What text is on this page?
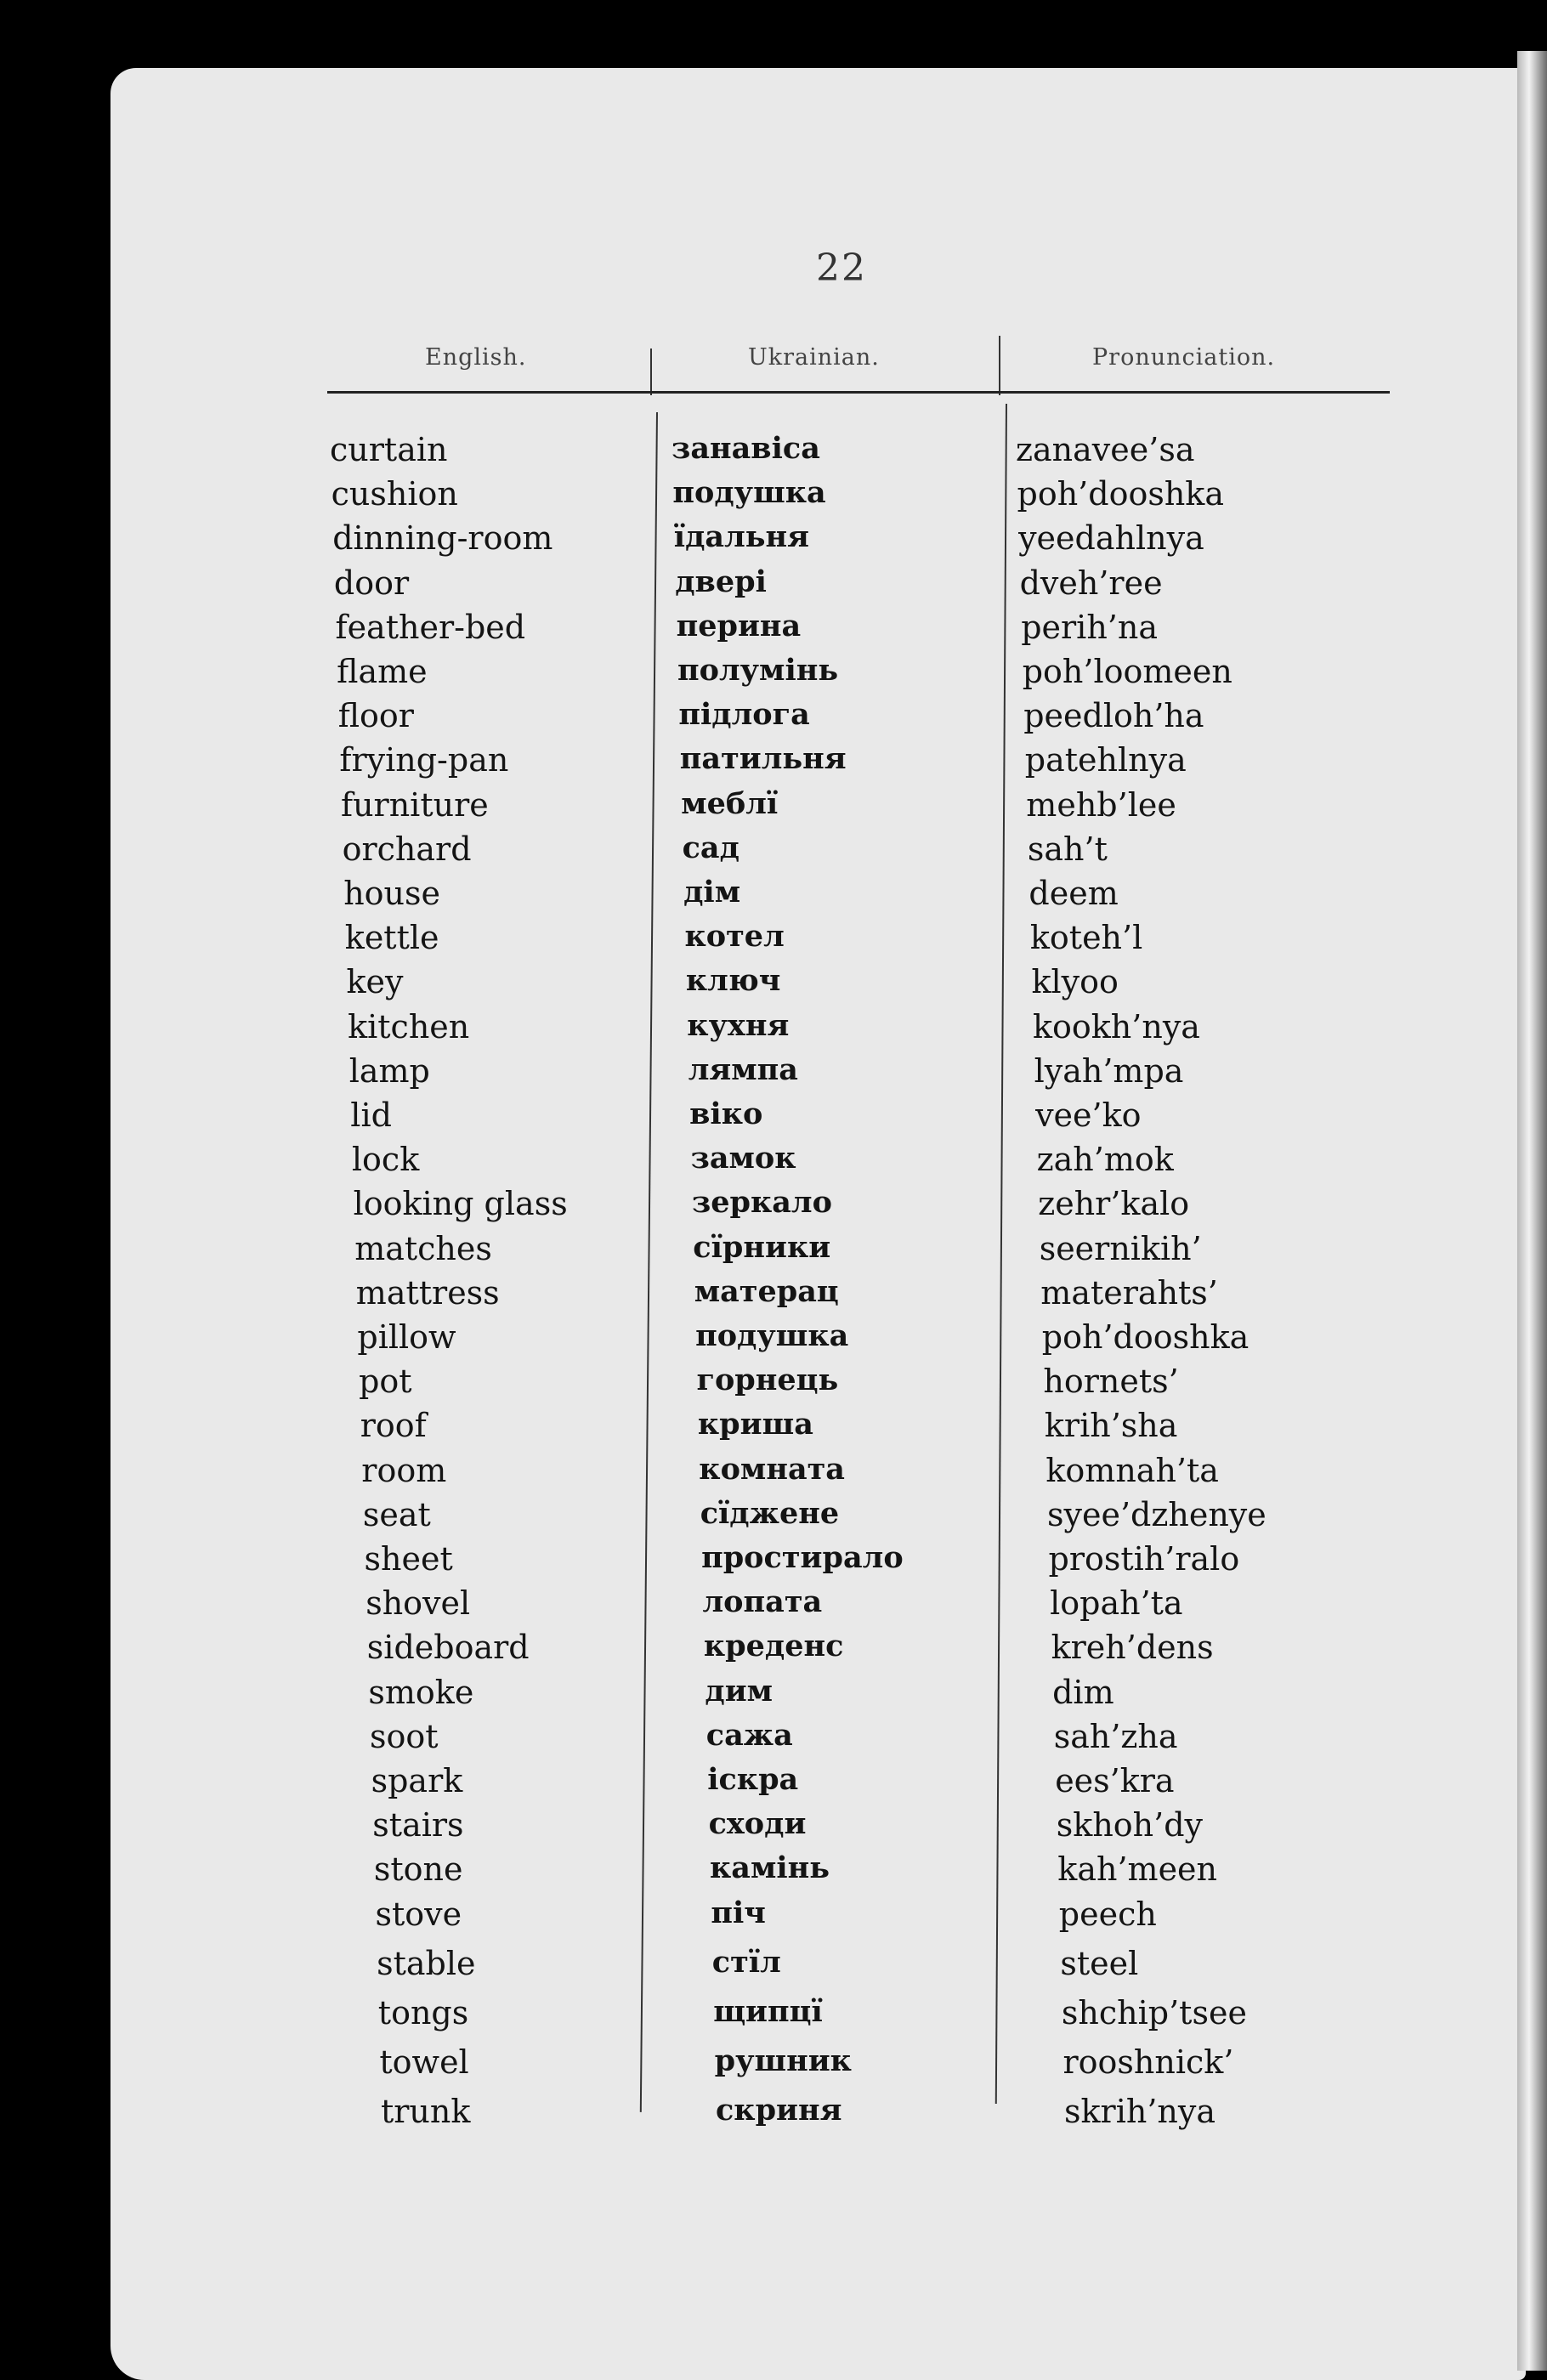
22
English.	Ukrainian.	Pronunciation.
curtain
cushion
dinning-room
door
feather-bed
flame
floor
frying-pan
furniture
orchard
house
kettle
key
kitchen
lamp
lid
lock
looking glass
matches
mattress
pillow
pot
roof
room
seat
sheet
shovel
sideboard
smoke
soot
spark
stairs
stone
stove
stable
tongs
towel
trunk
занавіса
подушка
їдальня
двері
перина
полумінь
підлога
патильня
меблї
сад
дім
котел
ключ
кухня
лямпа
віко
замок
зеркало
сїрники
матерац
подушка
горнець
криша
комната
сїджене
простирало
лопата
креденс
дим
сажа
іскра
сходи
камінь
піч
стїл
щипцї
рушник
скриня
zanavee’sa
poh’dooshka
yeedahlnya
dveh’ree
perih’na
poh’loomeen
peedloh’ha
patehlnya
mehb’lee
sah’t
deem
koteh’l
klyoo
kookh’nya
lyah’mpa
vee’ko
zah’mok
zehr’kalo
seernikih’
materahts’
poh’dooshka
hornets’
krih’sha
komnah’ta
syee’dzhenye
prostih’ralo
lopah’ta
kreh’dens
dim
sah’zha
ees’kra
skhoh’dy
kah’meen
peech
steel
shchip’tsee
rooshnick’
skrih’nya
